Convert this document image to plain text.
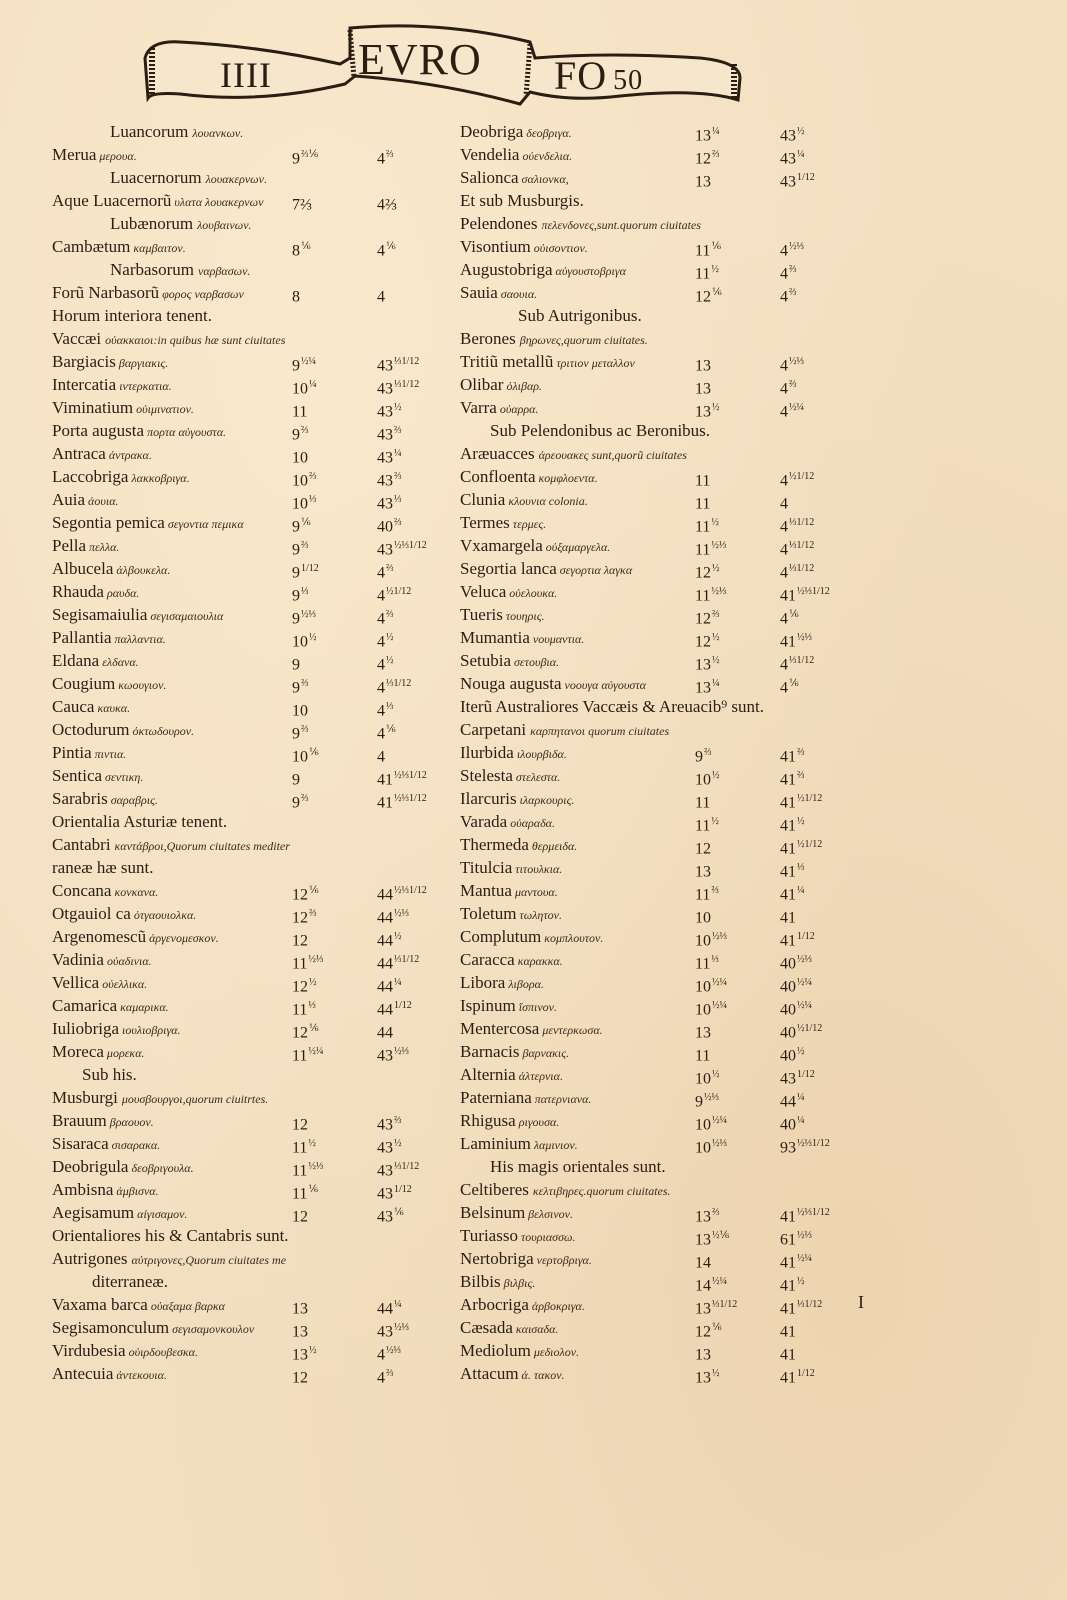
IIII EVRO FO 50
Luancorum λουανκων.
Merua μερουα.	$9^{\frac{2}{3}\frac{1}{6}}$	$4^{\frac{2}{3}}$
Luacernorum λουακερνων.
Aque Luacernorũ υλατα λουακερνων 7⅔	4⅔
Lubænorum λουβαινων.
Cambætum καμβαιτον.	$8^{\frac{1}{6}}$	$4^{\frac{1}{6}}$
Narbasorum ναρβασων.
Forũ Narbasorũ φορος ναρβασων	8	4
Horum interiora tenent.
Vaccæi οὐακκαιοι:in quibus hæ sunt ciuitates
Bargiacis βαργιακις.	$9^{\frac{1}{2}\frac{1}{4}}$	$43^{\frac{1}{3}1/12}$
Intercatia ιντερκατια.	$10^{\frac{1}{4}}$	$43^{\frac{1}{3}1/12}$
Viminatium οὐιμινατιον.	11	$43^{\frac{1}{2}}$
Porta augusta πορτα αὐγουστα.	$9^{\frac{2}{3}}$	$43^{\frac{2}{3}}$
Antraca ἀντρακα.	10	$43^{\frac{1}{4}}$
Laccobriga λακκοβριγα.	$10^{\frac{2}{3}}$	$43^{\frac{2}{3}}$
Auia ἀουια.	$10^{\frac{1}{3}}$	$43^{\frac{1}{3}}$
Segontia pemica σεγοντια πεμικα	$9^{\frac{1}{6}}$	$40^{\frac{2}{3}}$
Pella πελλα.	$9^{\frac{2}{3}}$	$43^{\frac{1}{2}\frac{1}{3}1/12}$
Albucela ἀλβουκελα.	$9^{1/12}$	$4^{\frac{2}{3}}$
Rhauda ραυδα.	$9^{\frac{1}{3}}$	$4^{\frac{1}{2}1/12}$
Segisamaiulia σεγισαμαιουλια	$9^{\frac{1}{2}\frac{1}{3}}$	$4^{\frac{2}{3}}$
Pallantia παλλαντια.	$10^{\frac{1}{2}}$	$4^{\frac{1}{2}}$
Eldana ελδανα.	9	$4^{\frac{1}{2}}$
Cougium κωουγιον.	$9^{\frac{2}{3}}$	$4^{\frac{1}{3}1/12}$
Cauca καυκα.	10	$4^{\frac{1}{3}}$
Octodurum ὀκτωδουρον.	$9^{\frac{2}{3}}$	$4^{\frac{1}{6}}$
Pintia πιντια.	$10^{\frac{1}{6}}$	4
Sentica σεντικη.	9	$41^{\frac{1}{2}\frac{1}{3}1/12}$
Sarabris σαραβρις.	$9^{\frac{2}{3}}$	$41^{\frac{1}{2}\frac{1}{3}1/12}$
Orientalia Asturiæ tenent.
Cantabri καντάβροι,Quorum ciuitates mediter
raneæ hæ sunt.
Concana κονκανα.	$12^{\frac{1}{6}}$	$44^{\frac{1}{2}\frac{1}{3}1/12}$
Otgauiol ca ὀτγαουιολκα.	$12^{\frac{2}{3}}$	$44^{\frac{1}{2}\frac{1}{3}}$
Argenomescũ ἀργενομεσκον.	12	$44^{\frac{1}{2}}$
Vadinia οὐαδινια.	$11^{\frac{1}{2}\frac{1}{3}}$	$44^{\frac{1}{3}1/12}$
Vellica οὐελλικα.	$12^{\frac{1}{2}}$	$44^{\frac{1}{4}}$
Camarica καμαρικα.	$11^{\frac{1}{3}}$	$44^{1/12}$
Iuliobriga ιουλιοβριγα.	$12^{\frac{1}{6}}$	44
Moreca μορεκα.	$11^{\frac{1}{2}\frac{1}{4}}$	$43^{\frac{1}{2}\frac{1}{3}}$
Sub his.
Musburgi μουσβουργοι,quorum ciuitrtes.
Brauum βραουον.	12	$43^{\frac{2}{3}}$
Sisaraca σισαρακα.	$11^{\frac{1}{2}}$	$43^{\frac{1}{2}}$
Deobrigula δεοβριγουλα.	$11^{\frac{1}{2}\frac{1}{3}}$	$43^{\frac{1}{3}1/12}$
Ambisna ἀμβισνα.	$11^{\frac{1}{6}}$	$43^{1/12}$
Aegisamum αἰγισαμον.	12	$43^{\frac{1}{6}}$
Orientaliores his & Cantabris sunt.
Autrigones αὐτριγονες,Quorum ciuitates me
diterraneæ.
Vaxama barca οὐαξαμα βαρκα	13	$44^{\frac{1}{4}}$
Segisamonculum σεγισαμονκουλον 13	$43^{\frac{1}{2}\frac{1}{3}}$
Virdubesia οὐιρδουβεσκα.	$13^{\frac{1}{2}}$	$4^{\frac{1}{2}\frac{1}{3}}$
Antecuia ἀντεκουια.	12	$4^{\frac{2}{3}}$
Deobriga δεοβριγα.	$13^{\frac{1}{4}}$	$43^{\frac{1}{2}}$
Vendelia οὐενδελια.	$12^{\frac{2}{3}}$	$43^{\frac{1}{4}}$
Salionca σαλιονκα,	13	$43^{1/12}$
Et sub Musburgis.
Pelendones πελενδονες,sunt.quorum ciuitates
Visontium οὐισοντιον.	$11^{\frac{1}{6}}$	$4^{\frac{1}{2}\frac{1}{3}}$
Augustobriga αὐγουστοβριγα	$11^{\frac{1}{2}}$	$4^{\frac{2}{3}}$
Sauia σαουια.	$12^{\frac{1}{6}}$	$4^{\frac{2}{3}}$
Sub Autrigonibus.
Berones βηρωνες,quorum ciuitates.
Tritiũ metallũ τριτιον μεταλλον	13	$4^{\frac{1}{2}\frac{1}{3}}$
Olibar ὀλιβαρ.	13	$4^{\frac{2}{3}}$
Varra οὐαρρα.	$13^{\frac{1}{2}}$	$4^{\frac{1}{2}\frac{1}{4}}$
Sub Pelendonibus ac Beronibus.
Aræuacces ἀρεουακες sunt,quorũ ciuitates
Confloenta κομφλοεντα.	11	$4^{\frac{1}{2}1/12}$
Clunia κλουνια colonia.	11	4
Termes τερμες.	$11^{\frac{1}{2}}$	$4^{\frac{1}{3}1/12}$
Vxamargela οὐξαμαργελα.	$11^{\frac{1}{2}\frac{1}{3}}$	$4^{\frac{1}{3}1/12}$
Segortia lanca σεγορτια λαγκα	$12^{\frac{1}{2}}$	$4^{\frac{1}{3}1/12}$
Veluca οὐελουκα.	$11^{\frac{1}{2}\frac{1}{3}}$	$41^{\frac{1}{2}\frac{1}{3}1/12}$
Tueris τουηρις.	$12^{\frac{2}{3}}$	$4^{\frac{1}{6}}$
Mumantia νουμαντια.	$12^{\frac{1}{2}}$	$41^{\frac{1}{2}\frac{1}{3}}$
Setubia σετουβια.	$13^{\frac{1}{2}}$	$4^{\frac{1}{3}1/12}$
Nouga augusta νοουγα αὐγουστα	$13^{\frac{1}{4}}$	$4^{\frac{1}{6}}$
Iterũ Australiores Vaccæis & Areuacib⁹ sunt.
Carpetani καρπητανοι quorum ciuitates
Ilurbida ιλουρβιδα.	$9^{\frac{2}{3}}$	$41^{\frac{2}{3}}$
Stelesta στελεστα.	$10^{\frac{1}{2}}$	$41^{\frac{2}{3}}$
Ilarcuris ιλαρκουρις.	11	$41^{\frac{1}{2}1/12}$
Varada οὐαραδα.	$11^{\frac{1}{2}}$	$41^{\frac{1}{2}}$
Thermeda θερμειδα.	12	$41^{\frac{1}{2}1/12}$
Titulcia τιτουλκια.	13	$41^{\frac{1}{3}}$
Mantua μαντουα.	$11^{\frac{2}{3}}$	$41^{\frac{1}{4}}$
Toletum τωλητον.	10	41
Complutum κομπλουτον.	$10^{\frac{1}{2}\frac{1}{3}}$	$41^{1/12}$
Caracca καρακκα.	$11^{\frac{1}{3}}$	$40^{\frac{1}{2}\frac{1}{3}}$
Libora λιβορα.	$10^{\frac{1}{2}\frac{1}{4}}$	$40^{\frac{1}{2}\frac{1}{4}}$
Ispinum ἴσπινον.	$10^{\frac{1}{2}\frac{1}{4}}$	$40^{\frac{1}{2}\frac{1}{4}}$
Mentercosa μεντερκωσα.	13	$40^{\frac{1}{2}1/12}$
Barnacis βαρνακις.	11	$40^{\frac{1}{2}}$
Alternia ἀλτερνια.	$10^{\frac{1}{2}}$	$43^{1/12}$
Paterniana πατερνιανα.	$9^{\frac{1}{2}\frac{1}{3}}$	$44^{\frac{1}{4}}$
Rhigusa ριγουσα.	$10^{\frac{1}{2}\frac{1}{4}}$	$40^{\frac{1}{4}}$
Laminium λαμινιον.	$10^{\frac{1}{2}\frac{1}{3}}$	$93^{\frac{1}{2}\frac{1}{3}1/12}$
His magis orientales sunt.
Celtiberes κελτιβηρες.quorum ciuitates.
Belsinum βελσινον.	$13^{\frac{2}{3}}$	$41^{\frac{1}{2}\frac{1}{3}1/12}$
Turiasso τουριασσω.	$13^{\frac{1}{2}\frac{1}{6}}$	$61^{\frac{1}{2}\frac{1}{3}}$
Nertobriga νερτοβριγα.	14	$41^{\frac{1}{2}\frac{1}{4}}$
Bilbis βιλβις.	$14^{\frac{1}{2}\frac{1}{4}}$	$41^{\frac{1}{2}}$
Arbocriga ἀρβοκριγα.	$13^{\frac{1}{3}1/12}$	$41^{\frac{1}{3}1/12}$
Cæsada καισαδα.	$12^{\frac{1}{6}}$	41
Mediolum μεδιολον.	13	41
Attacum ἀ. τακον.	$13^{\frac{1}{2}}$	$41^{1/12}$
I
